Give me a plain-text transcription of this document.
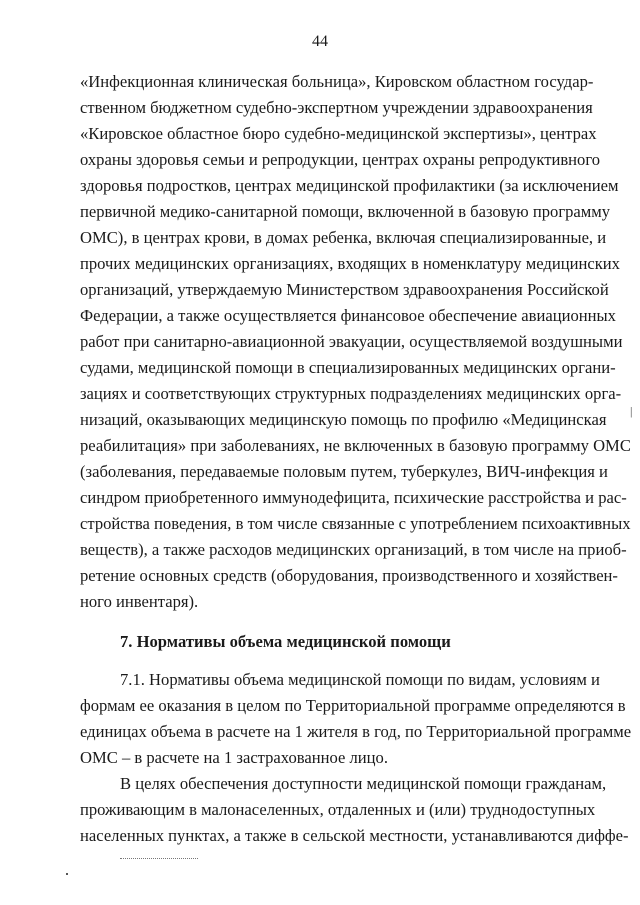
44
«Инфекционная клиническая больница», Кировском областном государ-
ственном бюджетном судебно-экспертном учреждении здравоохранения
«Кировское областное бюро судебно-медицинской экспертизы», центрах
охраны здоровья семьи и репродукции, центрах охраны репродуктивного
здоровья подростков, центрах медицинской профилактики (за исключением
первичной медико-санитарной помощи, включенной в базовую программу
ОМС), в центрах крови, в домах ребенка, включая специализированные, и
прочих медицинских организациях, входящих в номенклатуру медицинских
организаций, утверждаемую Министерством здравоохранения Российской
Федерации, а также осуществляется финансовое обеспечение авиационных
работ при санитарно-авиационной эвакуации, осуществляемой воздушными
судами, медицинской помощи в специализированных медицинских органи-
зациях и соответствующих структурных подразделениях медицинских орга-
низаций, оказывающих медицинскую помощь по профилю «Медицинская
реабилитация» при заболеваниях, не включенных в базовую программу ОМС
(заболевания, передаваемые половым путем, туберкулез, ВИЧ-инфекция и
синдром приобретенного иммунодефицита, психические расстройства и рас-
стройства поведения, в том числе связанные с употреблением психоактивных
веществ), а также расходов медицинских организаций, в том числе на приоб-
ретение основных средств (оборудования, производственного и хозяйствен-
ного инвентаря).
7. Нормативы объема медицинской помощи
7.1. Нормативы объема медицинской помощи по видам, условиям и
формам ее оказания в целом по Территориальной программе определяются в
единицах объема в расчете на 1 жителя в год, по Территориальной программе
ОМС – в расчете на 1 застрахованное лицо.
В целях обеспечения доступности медицинской помощи гражданам,
проживающим в малонаселенных, отдаленных и (или) труднодоступных
населенных пунктах, а также в сельской местности, устанавливаются диффе-
|
